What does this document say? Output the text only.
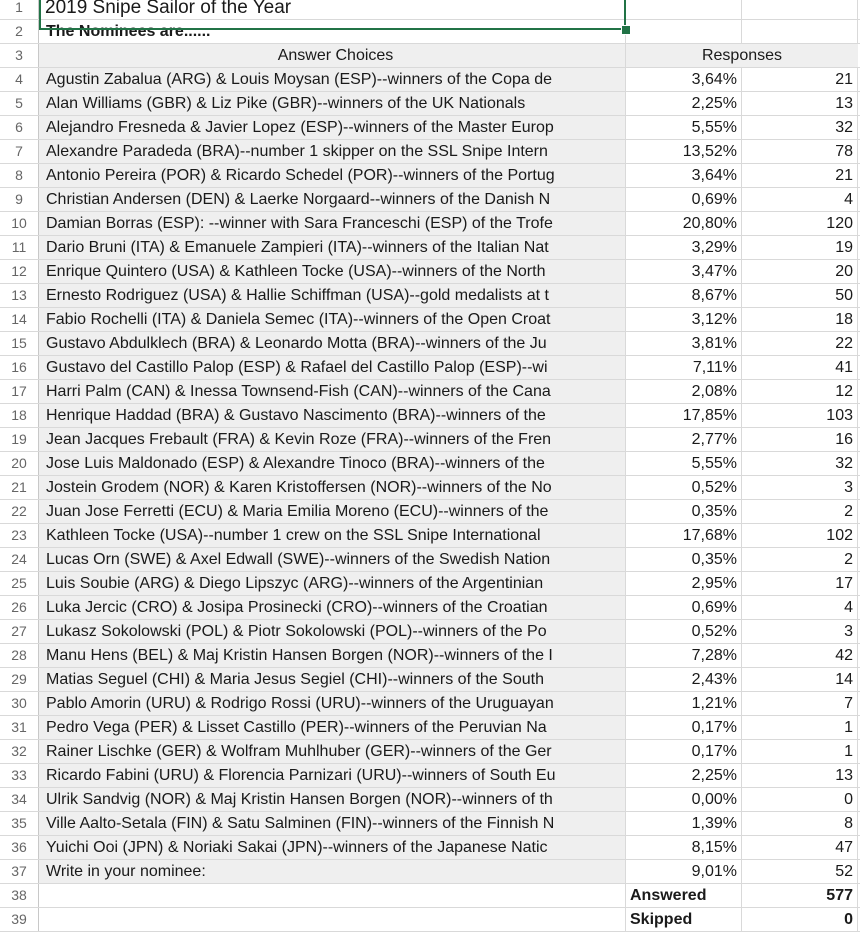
1	2019 Snipe Sailor of the Year
2	The Nominees are......
3	Answer Choices	Responses
4	Agustin Zabalua (ARG) & Louis Moysan (ESP)--winners of the Copa de	3,64%	21
5	Alan Williams (GBR) & Liz Pike (GBR)--winners of the UK Nationals	2,25%	13
6	Alejandro Fresneda & Javier Lopez (ESP)--winners of the Master Europ	5,55%	32
7	Alexandre Paradeda (BRA)--number 1 skipper on the SSL Snipe Intern	13,52%	78
8	Antonio Pereira (POR) & Ricardo Schedel (POR)--winners of the Portug	3,64%	21
9	Christian Andersen (DEN) & Laerke Norgaard--winners of the Danish N	0,69%	4
10	Damian Borras (ESP): --winner with Sara Franceschi (ESP) of the Trofe	20,80%	120
11	Dario Bruni (ITA) & Emanuele Zampieri (ITA)--winners of the Italian Nat	3,29%	19
12	Enrique Quintero (USA) & Kathleen Tocke (USA)--winners of the North	3,47%	20
13	Ernesto Rodriguez (USA) & Hallie Schiffman (USA)--gold medalists at t	8,67%	50
14	Fabio Rochelli (ITA) & Daniela Semec (ITA)--winners of the Open Croat	3,12%	18
15	Gustavo Abdulklech (BRA) & Leonardo Motta (BRA)--winners of the Ju	3,81%	22
16	Gustavo del Castillo Palop (ESP) & Rafael del Castillo Palop (ESP)--wi	7,11%	41
17	Harri Palm (CAN) & Inessa Townsend-Fish (CAN)--winners of the Cana	2,08%	12
18	Henrique Haddad (BRA) & Gustavo Nascimento (BRA)--winners of the	17,85%	103
19	Jean Jacques Frebault (FRA) & Kevin Roze (FRA)--winners of the Fren	2,77%	16
20	Jose Luis Maldonado (ESP) & Alexandre Tinoco (BRA)--winners of the	5,55%	32
21	Jostein Grodem (NOR) & Karen Kristoffersen (NOR)--winners of the No	0,52%	3
22	Juan Jose Ferretti (ECU) & Maria Emilia Moreno (ECU)--winners of the	0,35%	2
23	Kathleen Tocke (USA)--number 1 crew on the SSL Snipe International	17,68%	102
24	Lucas Orn (SWE) & Axel Edwall (SWE)--winners of the Swedish Nation	0,35%	2
25	Luis Soubie (ARG) & Diego Lipszyc (ARG)--winners of the Argentinian	2,95%	17
26	Luka Jercic (CRO) & Josipa Prosinecki (CRO)--winners of the Croatian	0,69%	4
27	Lukasz Sokolowski (POL) & Piotr Sokolowski (POL)--winners of the Po	0,52%	3
28	Manu Hens (BEL) & Maj Kristin Hansen Borgen (NOR)--winners of the I	7,28%	42
29	Matias Seguel (CHI) & Maria Jesus Segiel (CHI)--winners of the South	2,43%	14
30	Pablo Amorin (URU) & Rodrigo Rossi (URU)--winners of the Uruguayan	1,21%	7
31	Pedro Vega (PER) & Lisset Castillo (PER)--winners of the Peruvian Na	0,17%	1
32	Rainer Lischke (GER) & Wolfram Muhlhuber (GER)--winners of the Ger	0,17%	1
33	Ricardo Fabini (URU) & Florencia Parnizari (URU)--winners of South Eu	2,25%	13
34	Ulrik Sandvig (NOR) & Maj Kristin Hansen Borgen (NOR)--winners of th	0,00%	0
35	Ville Aalto-Setala (FIN) & Satu Salminen (FIN)--winners of the Finnish N	1,39%	8
36	Yuichi Ooi (JPN) & Noriaki Sakai (JPN)--winners of the Japanese Natic	8,15%	47
37	Write in your nominee:	9,01%	52
38	Answered	577
39	Skipped	0
